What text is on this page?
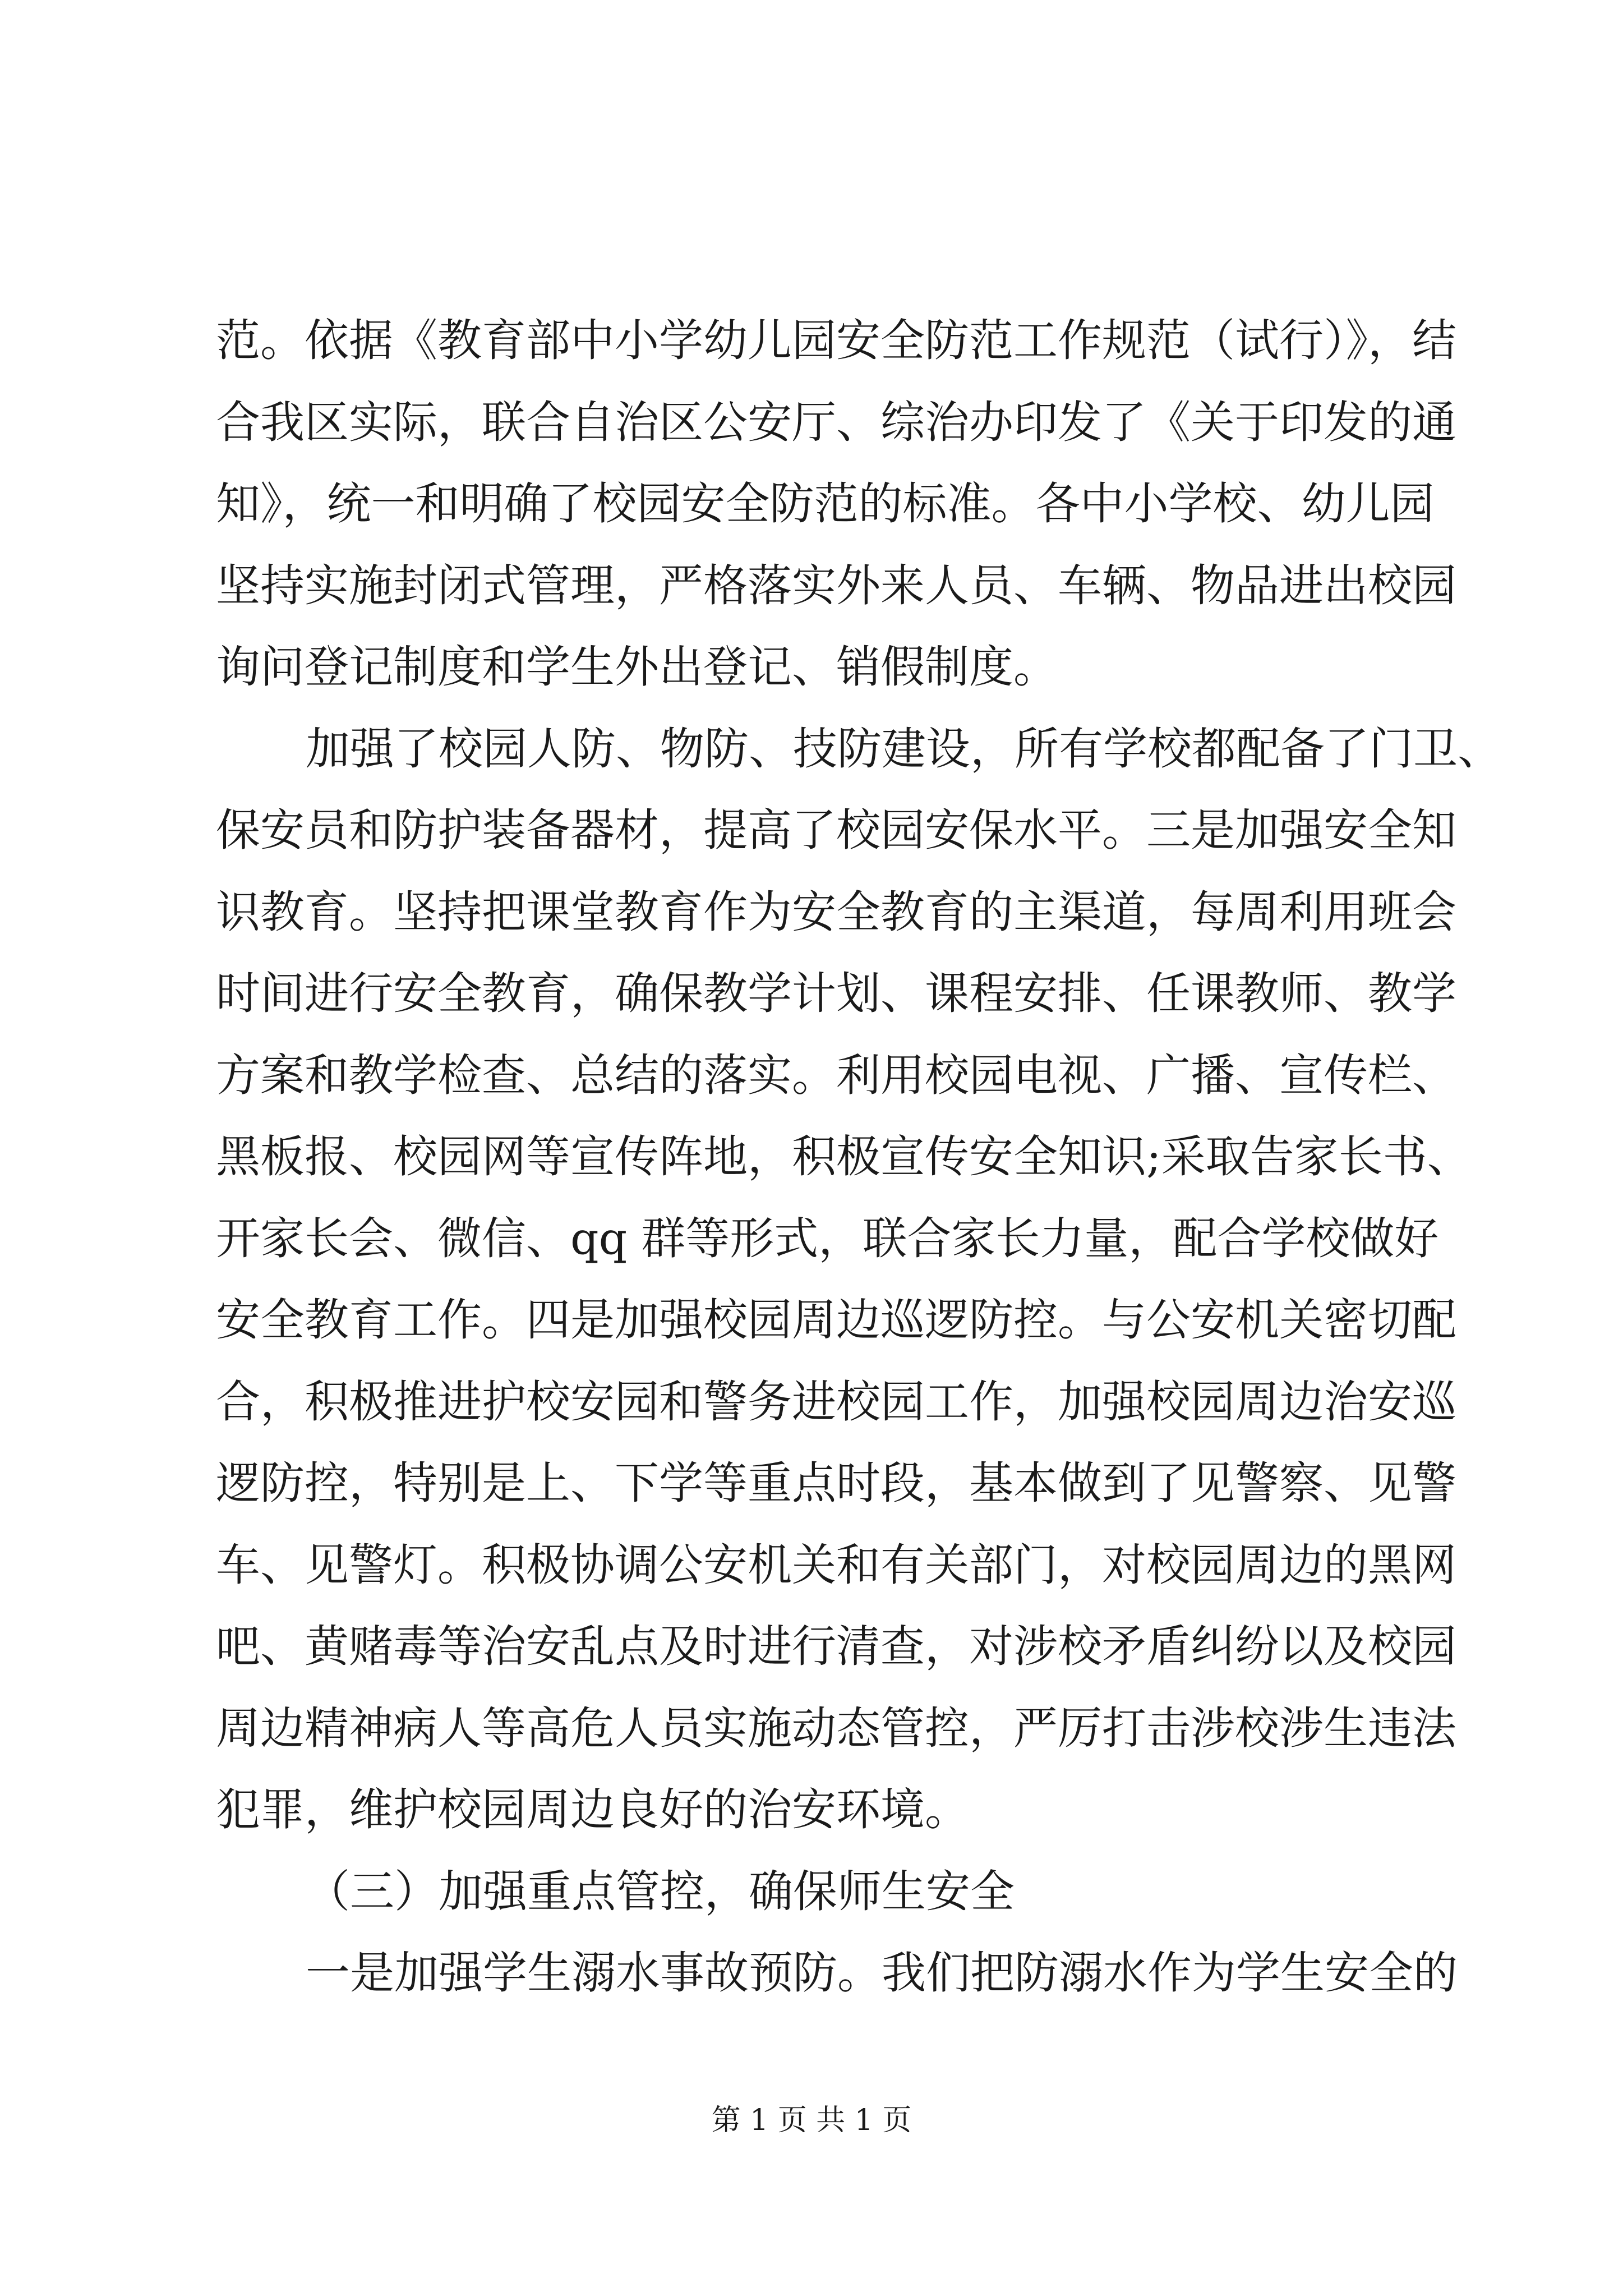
范。依据《教育部中小学幼儿园安全防范工作规范（试行）》，结
合我区实际，联合自治区公安厅、综治办印发了《关于印发的通
知》，统一和明确了校园安全防范的标准。各中小学校、幼儿园
坚持实施封闭式管理，严格落实外来人员、车辆、物品进出校园
询问登记制度和学生外出登记、销假制度。
加强了校园人防、物防、技防建设，所有学校都配备了门卫、
保安员和防护装备器材，提高了校园安保水平。三是加强安全知
识教育。坚持把课堂教育作为安全教育的主渠道，每周利用班会
时间进行安全教育，确保教学计划、课程安排、任课教师、教学
方案和教学检查、总结的落实。利用校园电视、广播、宣传栏、
黑板报、校园网等宣传阵地，积极宣传安全知识;采取告家长书、
开家长会、微信、qq 群等形式，联合家长力量，配合学校做好
安全教育工作。四是加强校园周边巡逻防控。与公安机关密切配
合，积极推进护校安园和警务进校园工作，加强校园周边治安巡
逻防控，特别是上、下学等重点时段，基本做到了见警察、见警
车、见警灯。积极协调公安机关和有关部门，对校园周边的黑网
吧、黄赌毒等治安乱点及时进行清查，对涉校矛盾纠纷以及校园
周边精神病人等高危人员实施动态管控，严厉打击涉校涉生违法
犯罪，维护校园周边良好的治安环境。
（三）加强重点管控，确保师生安全
一是加强学生溺水事故预防。我们把防溺水作为学生安全的
第 1 页 共 1 页
